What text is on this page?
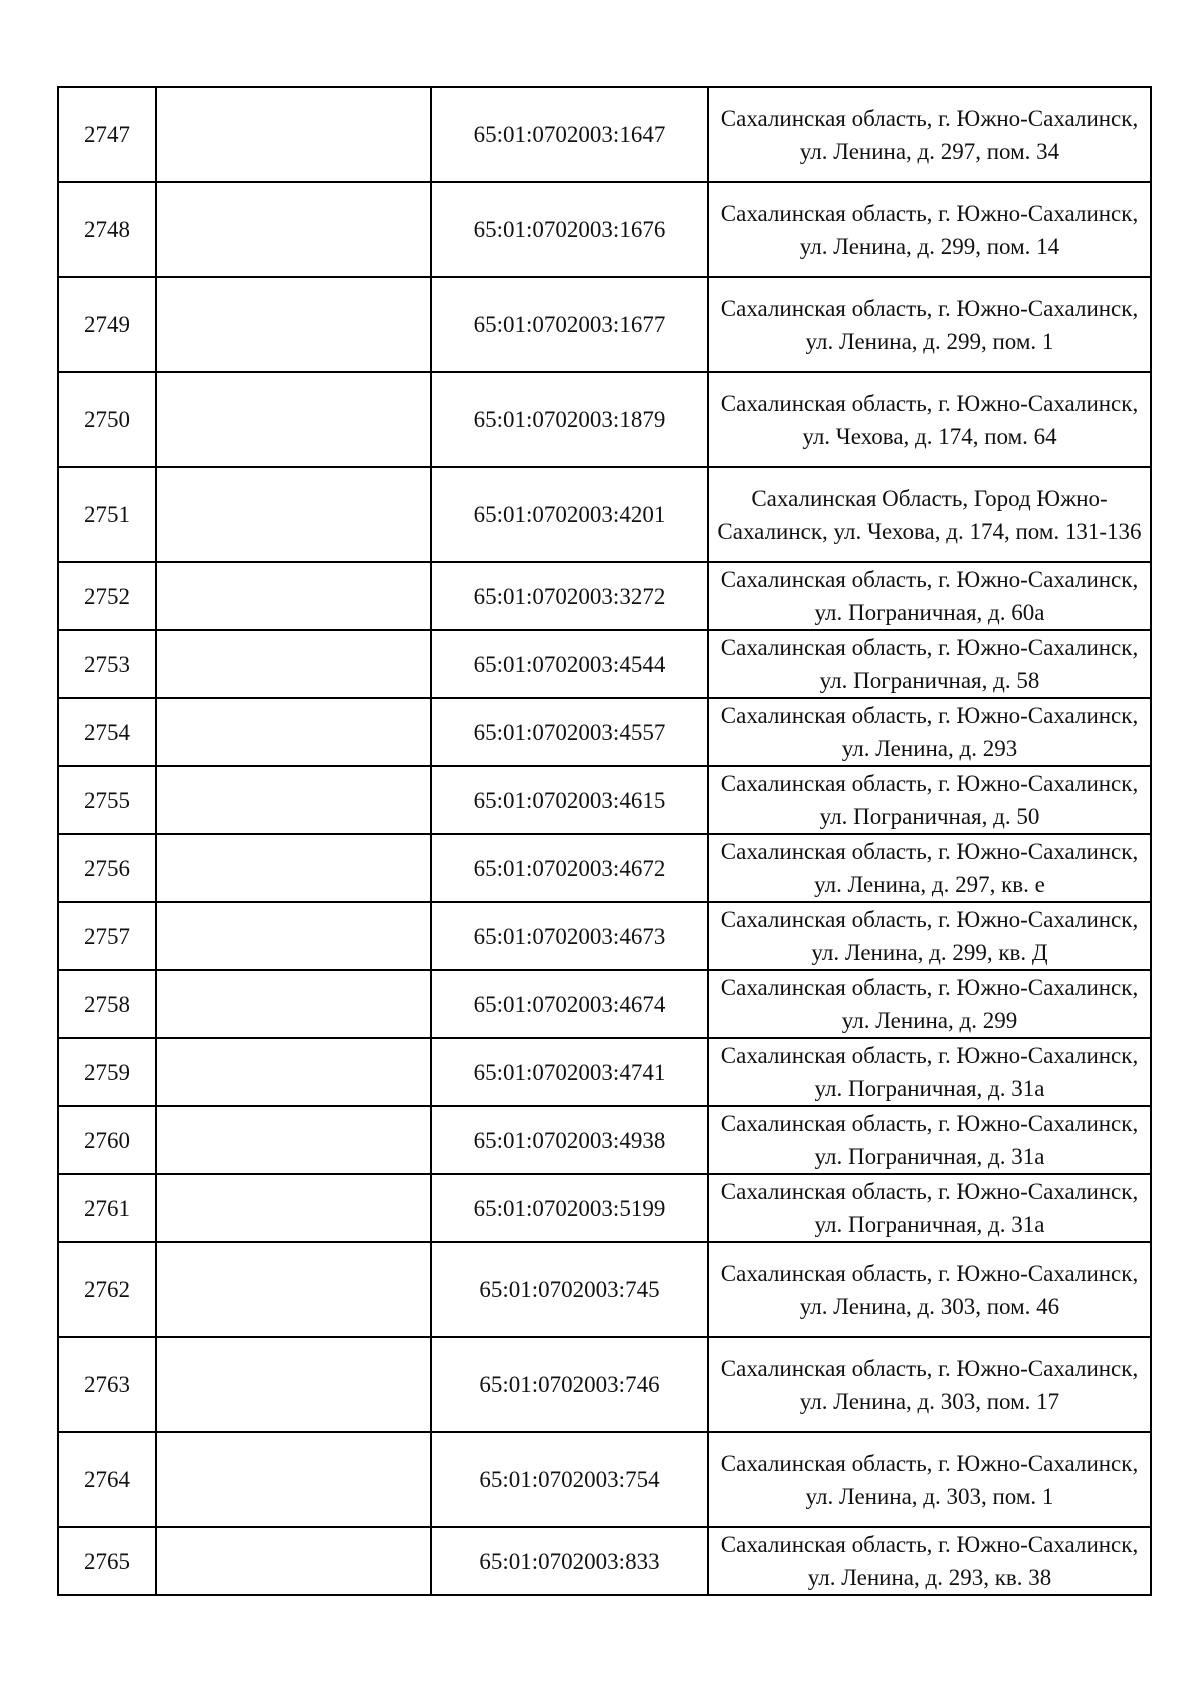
2747		65:01:0702003:1647	Сахалинская область, г. Южно-Сахалинск, ул. Ленина, д. 297, пом. 34
2748		65:01:0702003:1676	Сахалинская область, г. Южно-Сахалинск, ул. Ленина, д. 299, пом. 14
2749		65:01:0702003:1677	Сахалинская область, г. Южно-Сахалинск, ул. Ленина, д. 299, пом. 1
2750		65:01:0702003:1879	Сахалинская область, г. Южно-Сахалинск, ул. Чехова, д. 174, пом. 64
2751		65:01:0702003:4201	Сахалинская Область, Город Южно-Сахалинск, ул. Чехова, д. 174, пом. 131-136
2752		65:01:0702003:3272	Сахалинская область, г. Южно-Сахалинск, ул. Пограничная, д. 60а
2753		65:01:0702003:4544	Сахалинская область, г. Южно-Сахалинск, ул. Пограничная, д. 58
2754		65:01:0702003:4557	Сахалинская область, г. Южно-Сахалинск, ул. Ленина, д. 293
2755		65:01:0702003:4615	Сахалинская область, г. Южно-Сахалинск, ул. Пограничная, д. 50
2756		65:01:0702003:4672	Сахалинская область, г. Южно-Сахалинск, ул. Ленина, д. 297, кв. е
2757		65:01:0702003:4673	Сахалинская область, г. Южно-Сахалинск, ул. Ленина, д. 299, кв. Д
2758		65:01:0702003:4674	Сахалинская область, г. Южно-Сахалинск, ул. Ленина, д. 299
2759		65:01:0702003:4741	Сахалинская область, г. Южно-Сахалинск, ул. Пограничная, д. 31а
2760		65:01:0702003:4938	Сахалинская область, г. Южно-Сахалинск, ул. Пограничная, д. 31а
2761		65:01:0702003:5199	Сахалинская область, г. Южно-Сахалинск, ул. Пограничная, д. 31а
2762		65:01:0702003:745	Сахалинская область, г. Южно-Сахалинск, ул. Ленина, д. 303, пом. 46
2763		65:01:0702003:746	Сахалинская область, г. Южно-Сахалинск, ул. Ленина, д. 303, пом. 17
2764		65:01:0702003:754	Сахалинская область, г. Южно-Сахалинск, ул. Ленина, д. 303, пом. 1
2765		65:01:0702003:833	Сахалинская область, г. Южно-Сахалинск, ул. Ленина, д. 293, кв. 38
